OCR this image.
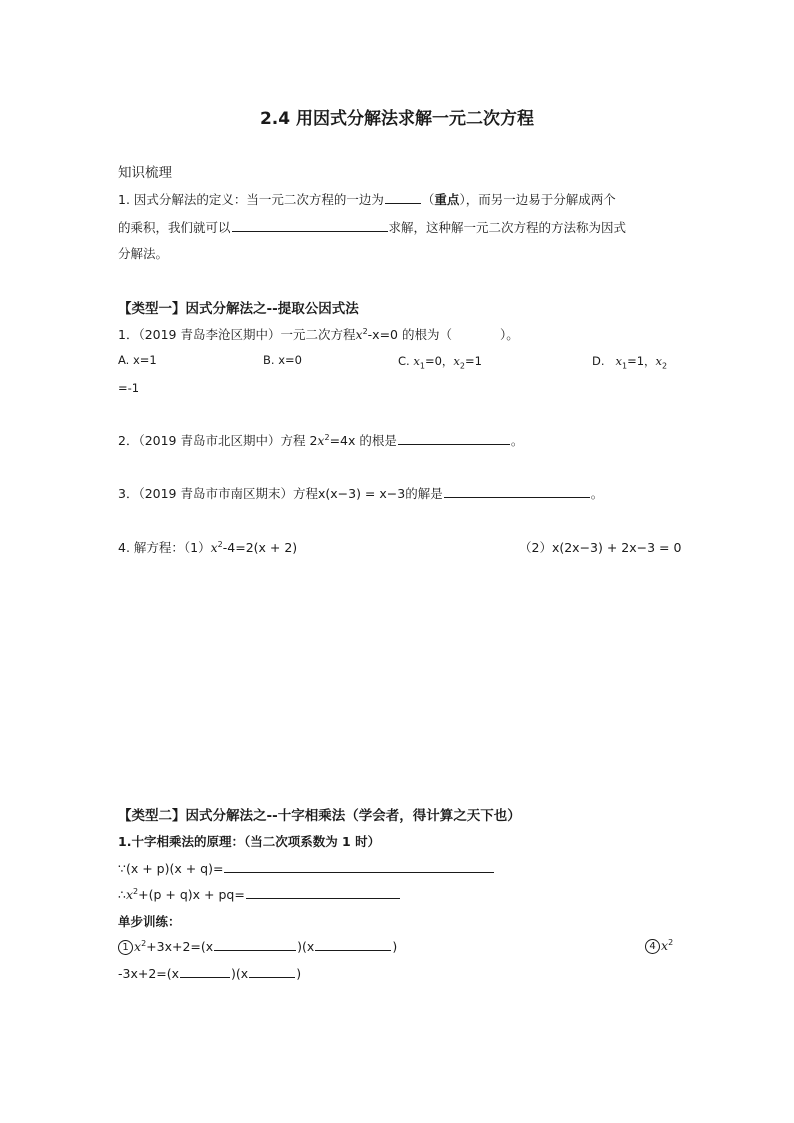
2.4 用因式分解法求解一元二次方程
知识梳理
1. 因式分解法的定义：当一元二次方程的一边为	（重点），而另一边易于分解成两个
的乘积，我们就可以	求解，这种解一元二次方程的方法称为因式
分解法。
【类型一】因式分解法之--提取公因式法
1．（2019 青岛李沧区期中）一元二次方程$x^2-x=0$ 的根为（	）。
A. x=1	B. x=0	C. $x_1=0$，$x_2=1$	D. $x_1=1$，$x_2$
=-1
2．（2019 青岛市北区期中）方程 $2x^2=4x$ 的根是	。
3．（2019 青岛市市南区期末）方程x(x−3) = x−3的解是	。
4. 解方程：$(1)x^2-4=2(x + 2)$	（2）x(2x−3) + 2x−3 = 0
【类型二】因式分解法之--十字相乘法（学会者，得计算之天下也）
1.十字相乘法的原理：（当二次项系数为 1 时）
∵(x + p)(x + q)=
$\therefore x^2+(p + q)x + pq=$
单步训练：
1 $x^2+3x+2=(x$	)(x	)	4 $x^2$
-3x+2=(x	)(x	)
